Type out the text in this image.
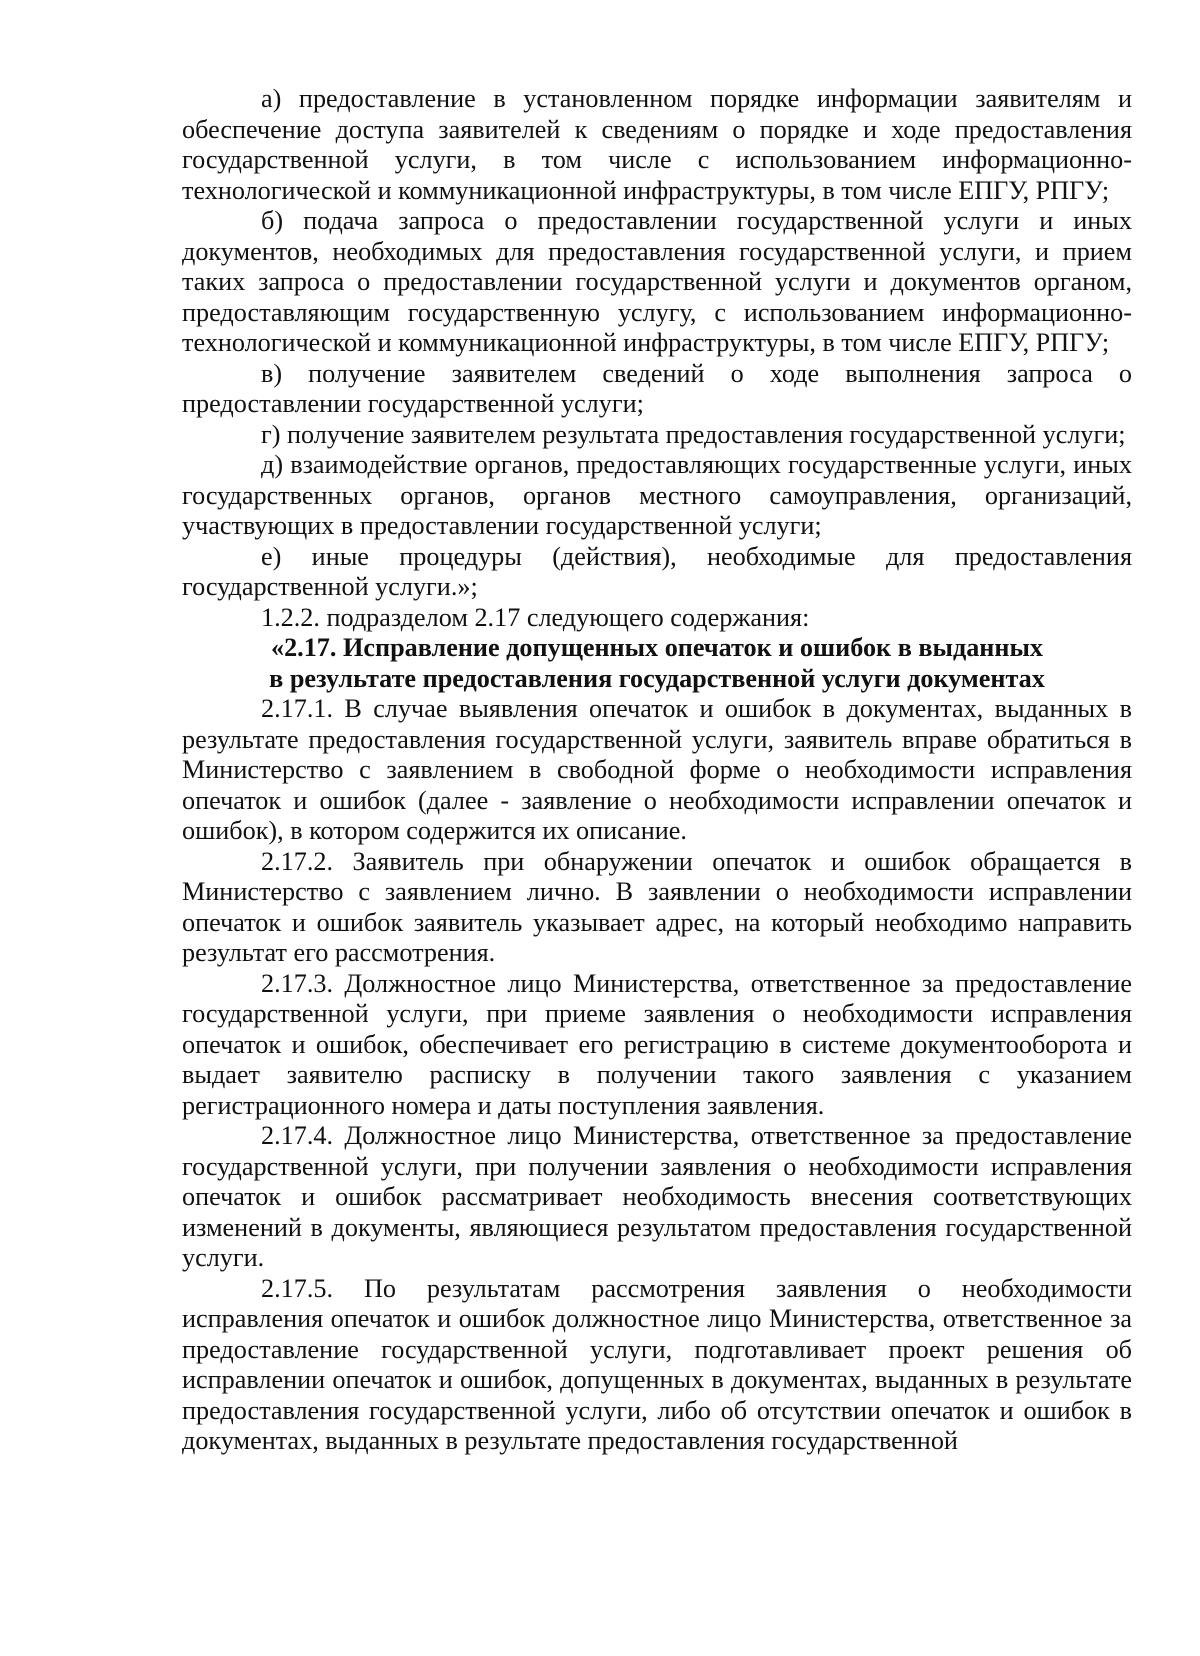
а) предоставление в установленном порядке информации заявителям и обеспечение доступа заявителей к сведениям о порядке и ходе предоставления государственной услуги, в том числе с использованием информационно-технологической и коммуникационной инфраструктуры, в том числе ЕПГУ, РПГУ;

б) подача запроса о предоставлении государственной услуги и иных документов, необходимых для предоставления государственной услуги, и прием таких запроса о предоставлении государственной услуги и документов органом, предоставляющим государственную услугу, с использованием информационно-технологической и коммуникационной инфраструктуры, в том числе ЕПГУ, РПГУ;

в) получение заявителем сведений о ходе выполнения запроса о предоставлении государственной услуги;

г) получение заявителем результата предоставления государственной услуги;

д) взаимодействие органов, предоставляющих государственные услуги, иных государственных органов, органов местного самоуправления, организаций, участвующих в предоставлении государственной услуги;

е) иные процедуры (действия), необходимые для предоставления государственной услуги.»;

1.2.2. подразделом 2.17 следующего содержания:

«2.17. Исправление допущенных опечаток и ошибок в выданных
в результате предоставления государственной услуги документах

2.17.1. В случае выявления опечаток и ошибок в документах, выданных в результате предоставления государственной услуги, заявитель вправе обратиться в Министерство с заявлением в свободной форме о необходимости исправления опечаток и ошибок (далее - заявление о необходимости исправлении опечаток и ошибок), в котором содержится их описание.

2.17.2. Заявитель при обнаружении опечаток и ошибок обращается в Министерство с заявлением лично. В заявлении о необходимости исправлении опечаток и ошибок заявитель указывает адрес, на который необходимо направить результат его рассмотрения.

2.17.3. Должностное лицо Министерства, ответственное за предоставление государственной услуги, при приеме заявления о необходимости исправления опечаток и ошибок, обеспечивает его регистрацию в системе документооборота и выдает заявителю расписку в получении такого заявления с указанием регистрационного номера и даты поступления заявления.

2.17.4. Должностное лицо Министерства, ответственное за предоставление государственной услуги, при получении заявления о необходимости исправления опечаток и ошибок рассматривает необходимость внесения соответствующих изменений в документы, являющиеся результатом предоставления государственной услуги.

2.17.5. По результатам рассмотрения заявления о необходимости исправления опечаток и ошибок должностное лицо Министерства, ответственное за предоставление государственной услуги, подготавливает проект решения об исправлении опечаток и ошибок, допущенных в документах, выданных в результате предоставления государственной услуги, либо об отсутствии опечаток и ошибок в документах, выданных в результате предоставления государственной
